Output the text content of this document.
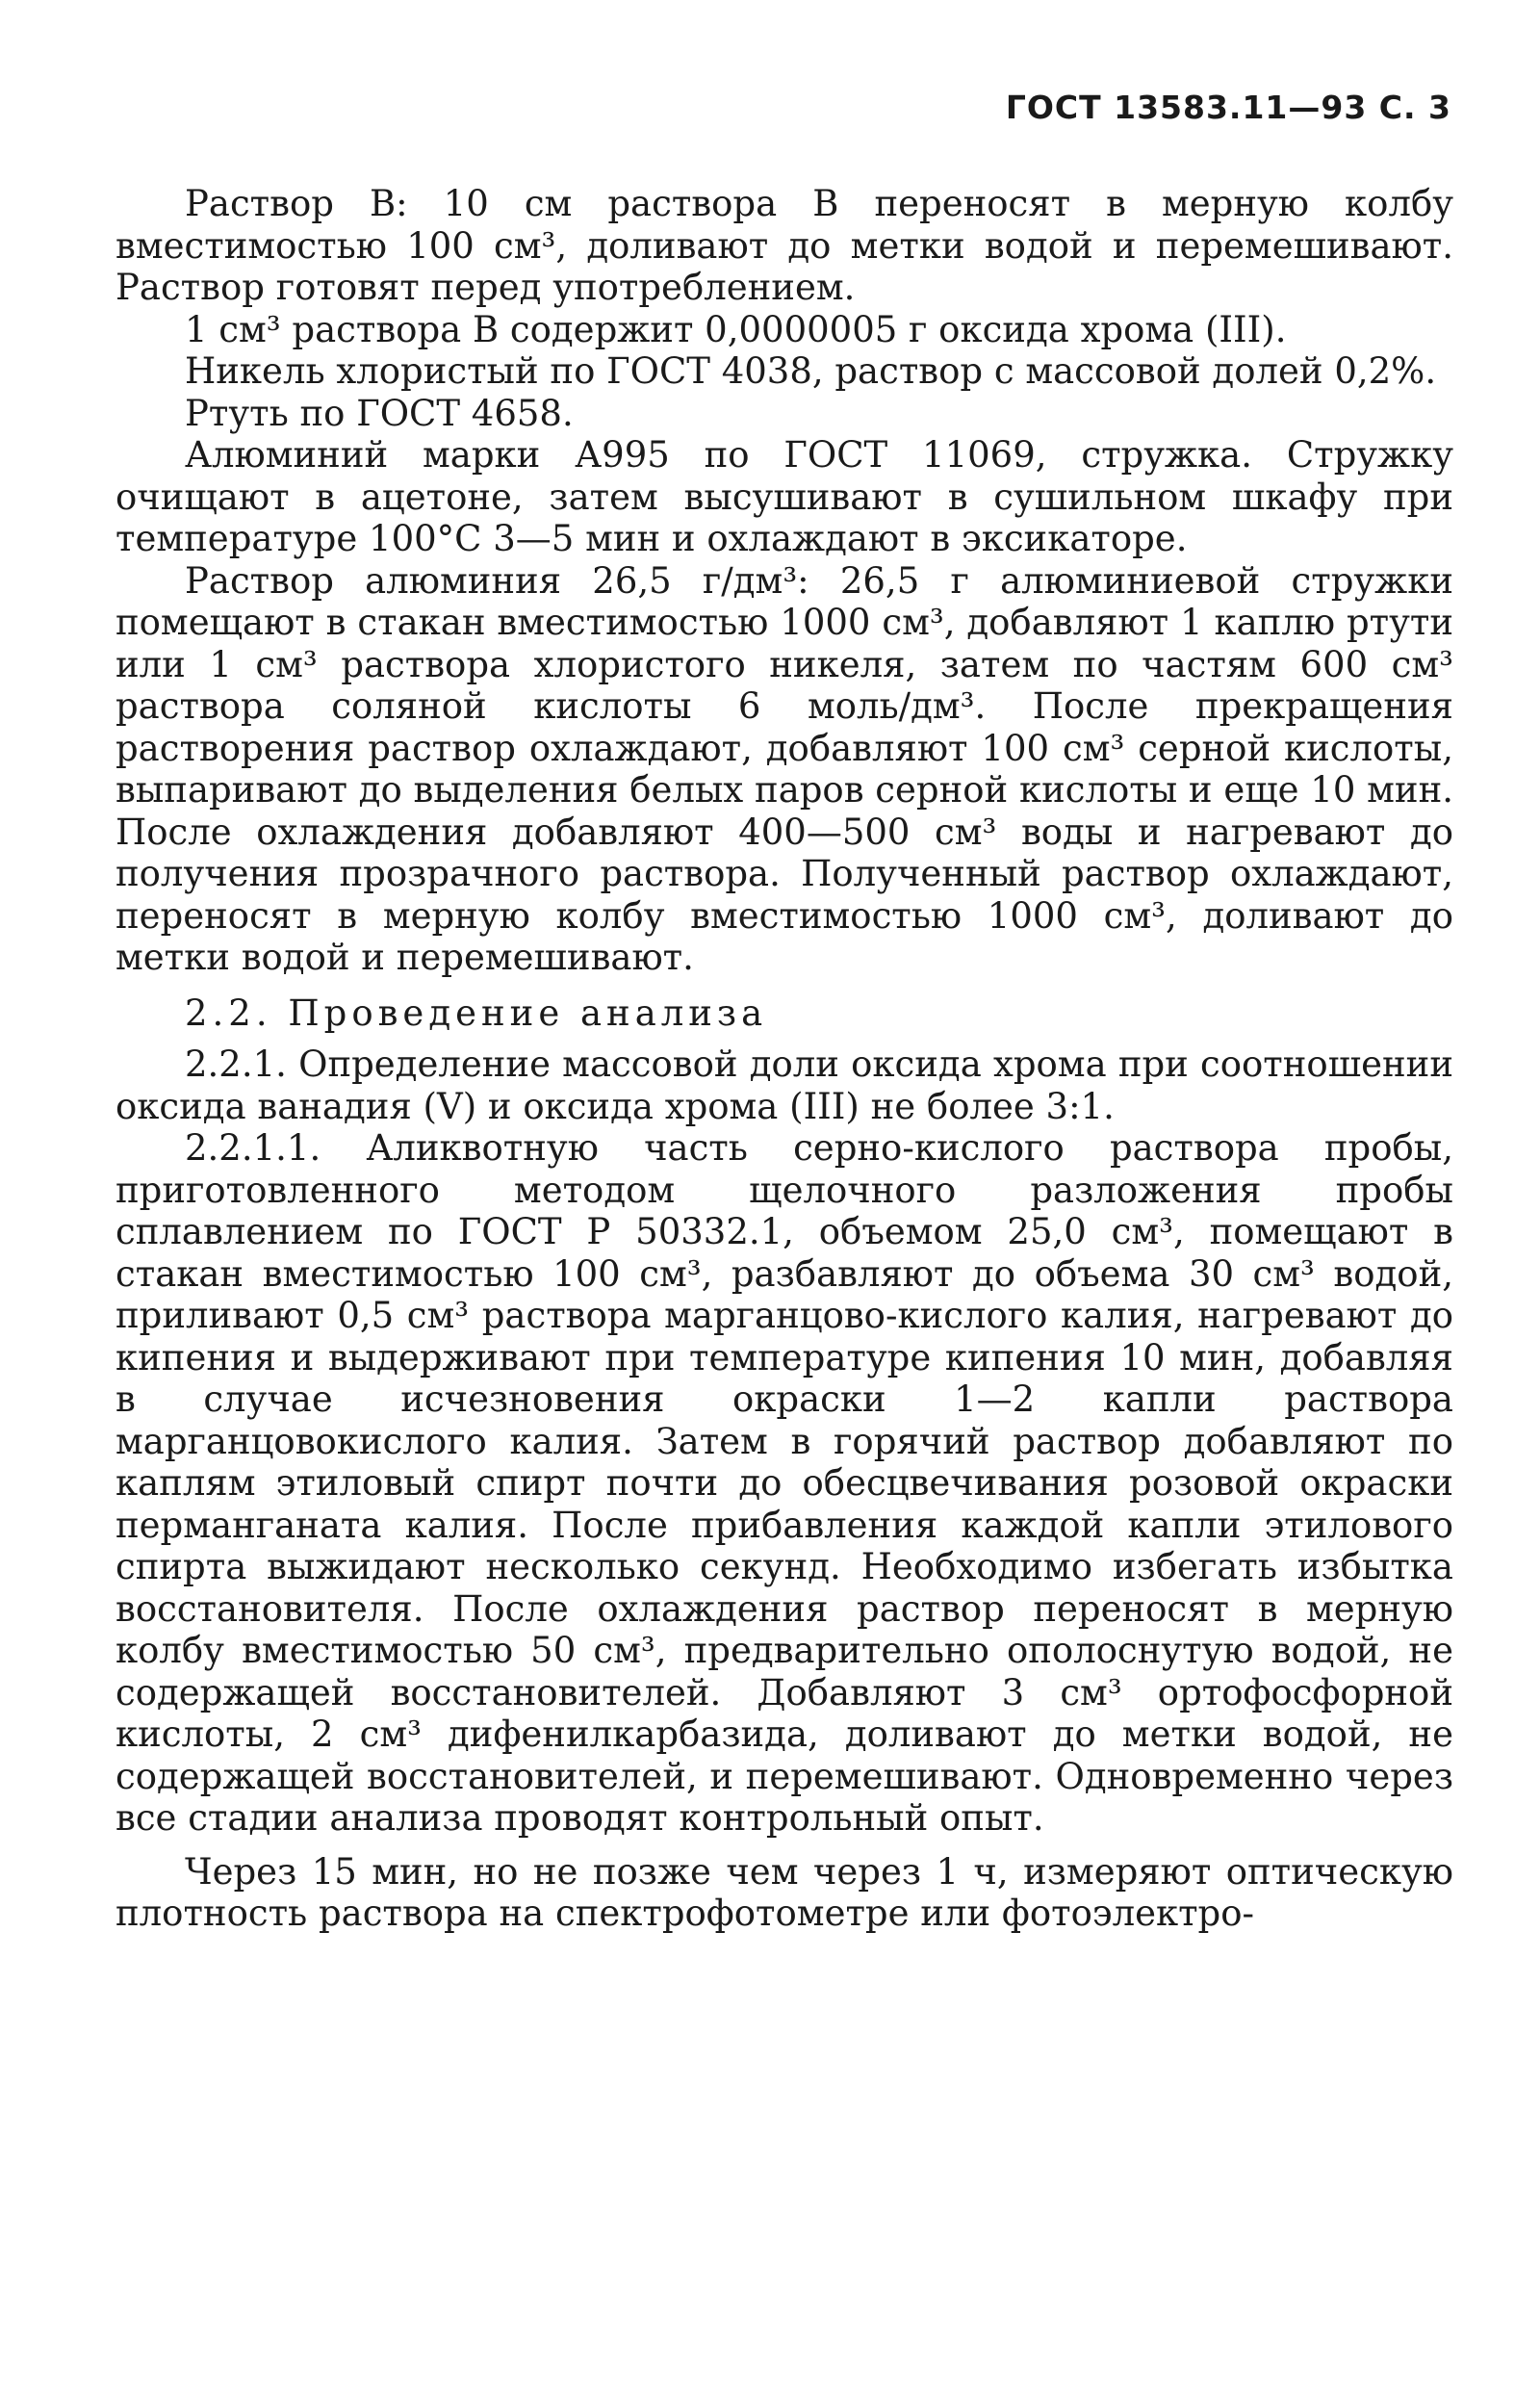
ГОСТ 13583.11—93 С. 3

Раствор В: 10 см раствора В переносят в мерную колбу вместимостью 100 см³, доливают до метки водой и перемешивают. Раствор готовят перед употреблением.

1 см³ раствора В содержит 0,0000005 г оксида хрома (III).

Никель хлористый по ГОСТ 4038, раствор с массовой долей 0,2%.

Ртуть по ГОСТ 4658.

Алюминий марки А995 по ГОСТ 11069, стружка. Стружку очищают в ацетоне, затем высушивают в сушильном шкафу при температуре 100°С 3—5 мин и охлаждают в эксикаторе.

Раствор алюминия 26,5 г/дм³: 26,5 г алюминиевой стружки помещают в стакан вместимостью 1000 см³, добавляют 1 каплю ртути или 1 см³ раствора хлористого никеля, затем по частям 600 см³ раствора соляной кислоты 6 моль/дм³. После прекращения растворения раствор охлаждают, добавляют 100 см³ серной кислоты, выпаривают до выделения белых паров серной кислоты и еще 10 мин. После охлаждения добавляют 400—500 см³ воды и нагревают до получения прозрачного раствора. Полученный раствор охлаждают, переносят в мерную колбу вместимостью 1000 см³, доливают до метки водой и перемешивают.

2.2. Проведение анализа

2.2.1. Определение массовой доли оксида хрома при соотношении оксида ванадия (V) и оксида хрома (III) не более 3:1.

2.2.1.1. Аликвотную часть серно-кислого раствора пробы, приготовленного методом щелочного разложения пробы сплавлением по ГОСТ Р 50332.1, объемом 25,0 см³, помещают в стакан вместимостью 100 см³, разбавляют до объема 30 см³ водой, приливают 0,5 см³ раствора марганцово-кислого калия, нагревают до кипения и выдерживают при температуре кипения 10 мин, добавляя в случае исчезновения окраски 1—2 капли раствора марганцовокислого калия. Затем в горячий раствор добавляют по каплям этиловый спирт почти до обесцвечивания розовой окраски перманганата калия. После прибавления каждой капли этилового спирта выжидают несколько секунд. Необходимо избегать избытка восстановителя. После охлаждения раствор переносят в мерную колбу вместимостью 50 см³, предварительно ополоснутую водой, не содержащей восстановителей. Добавляют 3 см³ ортофосфорной кислоты, 2 см³ дифенилкарбазида, доливают до метки водой, не содержащей восстановителей, и перемешивают. Одновременно через все стадии анализа проводят контрольный опыт.

Через 15 мин, но не позже чем через 1 ч, измеряют оптическую плотность раствора на спектрофотометре или фотоэлектро-
